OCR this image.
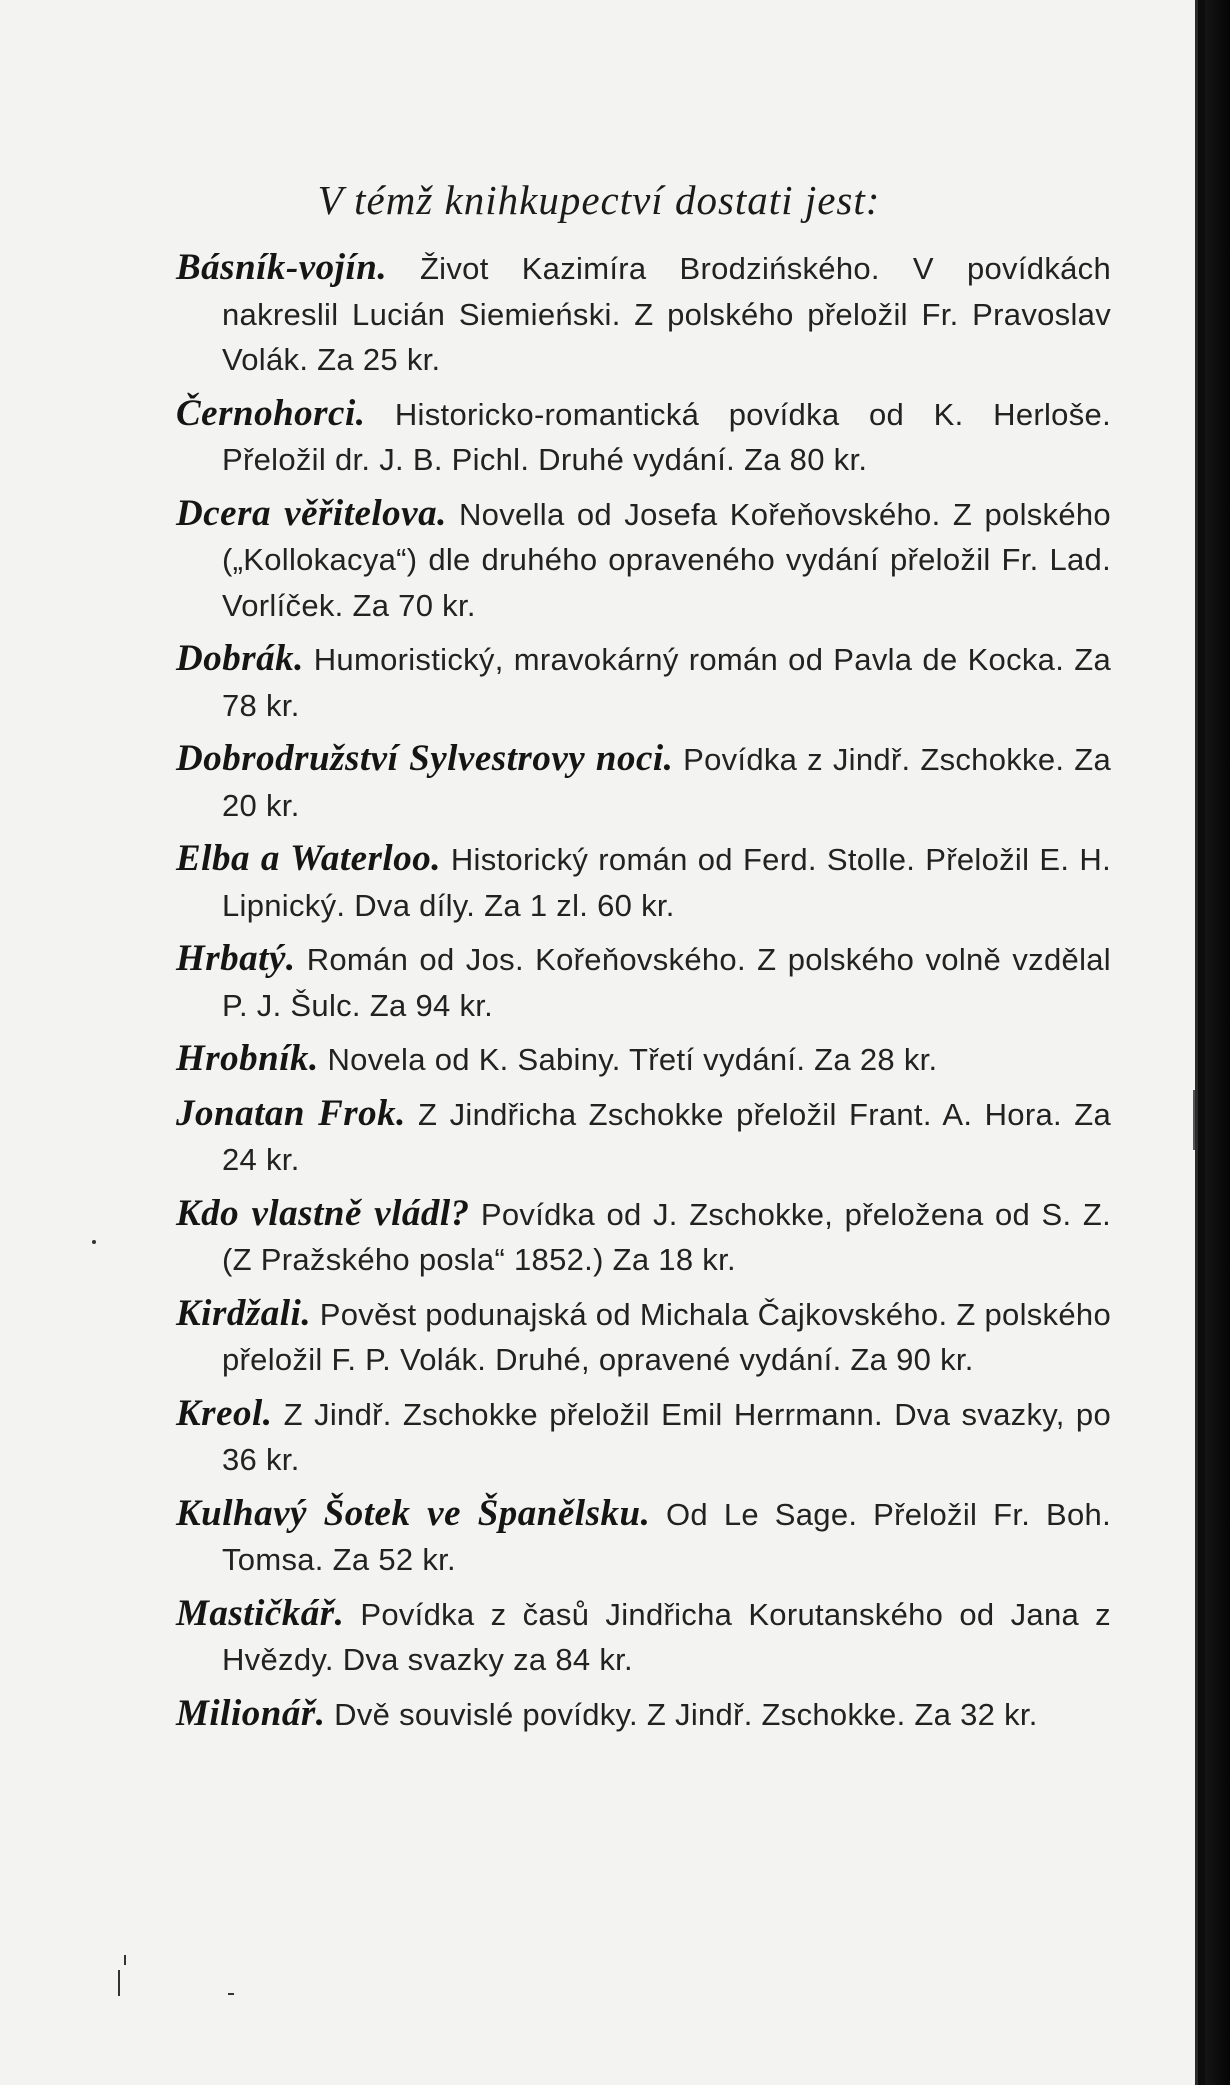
V témž knihkupectví dostati jest:
Básník-vojín. Život Kazimíra Brodzińského. V povídkách nakreslil Lucián Siemieński. Z polského přeložil Fr. Pravoslav Volák. Za 25 kr.
Černohorci. Historicko-romantická povídka od K. Herloše. Přeložil dr. J. B. Pichl. Druhé vydání. Za 80 kr.
Dcera věřitelova. Novella od Josefa Kořeňovského. Z polského („Kollokacya“) dle druhého opraveného vydání přeložil Fr. Lad. Vorlíček. Za 70 kr.
Dobrák. Humoristický, mravokárný román od Pavla de Kocka. Za 78 kr.
Dobrodružství Sylvestrovy noci. Povídka z Jindř. Zschokke. Za 20 kr.
Elba a Waterloo. Historický román od Ferd. Stolle. Přeložil E. H. Lipnický. Dva díly. Za 1 zl. 60 kr.
Hrbatý. Román od Jos. Kořeňovského. Z polského volně vzdělal P. J. Šulc. Za 94 kr.
Hrobník. Novela od K. Sabiny. Třetí vydání. Za 28 kr.
Jonatan Frok. Z Jindřicha Zschokke přeložil Frant. A. Hora. Za 24 kr.
Kdo vlastně vládl? Povídka od J. Zschokke, přeložena od S. Z. (Z Pražského posla“ 1852.) Za 18 kr.
Kirdžali. Pověst podunajská od Michala Čajkovského. Z polského přeložil F. P. Volák. Druhé, opravené vydání. Za 90 kr.
Kreol. Z Jindř. Zschokke přeložil Emil Herrmann. Dva svazky, po 36 kr.
Kulhavý Šotek ve Španělsku. Od Le Sage. Přeložil Fr. Boh. Tomsa. Za 52 kr.
Mastičkář. Povídka z časů Jindřicha Korutanského od Jana z Hvězdy. Dva svazky za 84 kr.
Milionář. Dvě souvislé povídky. Z Jindř. Zschokke. Za 32 kr.
